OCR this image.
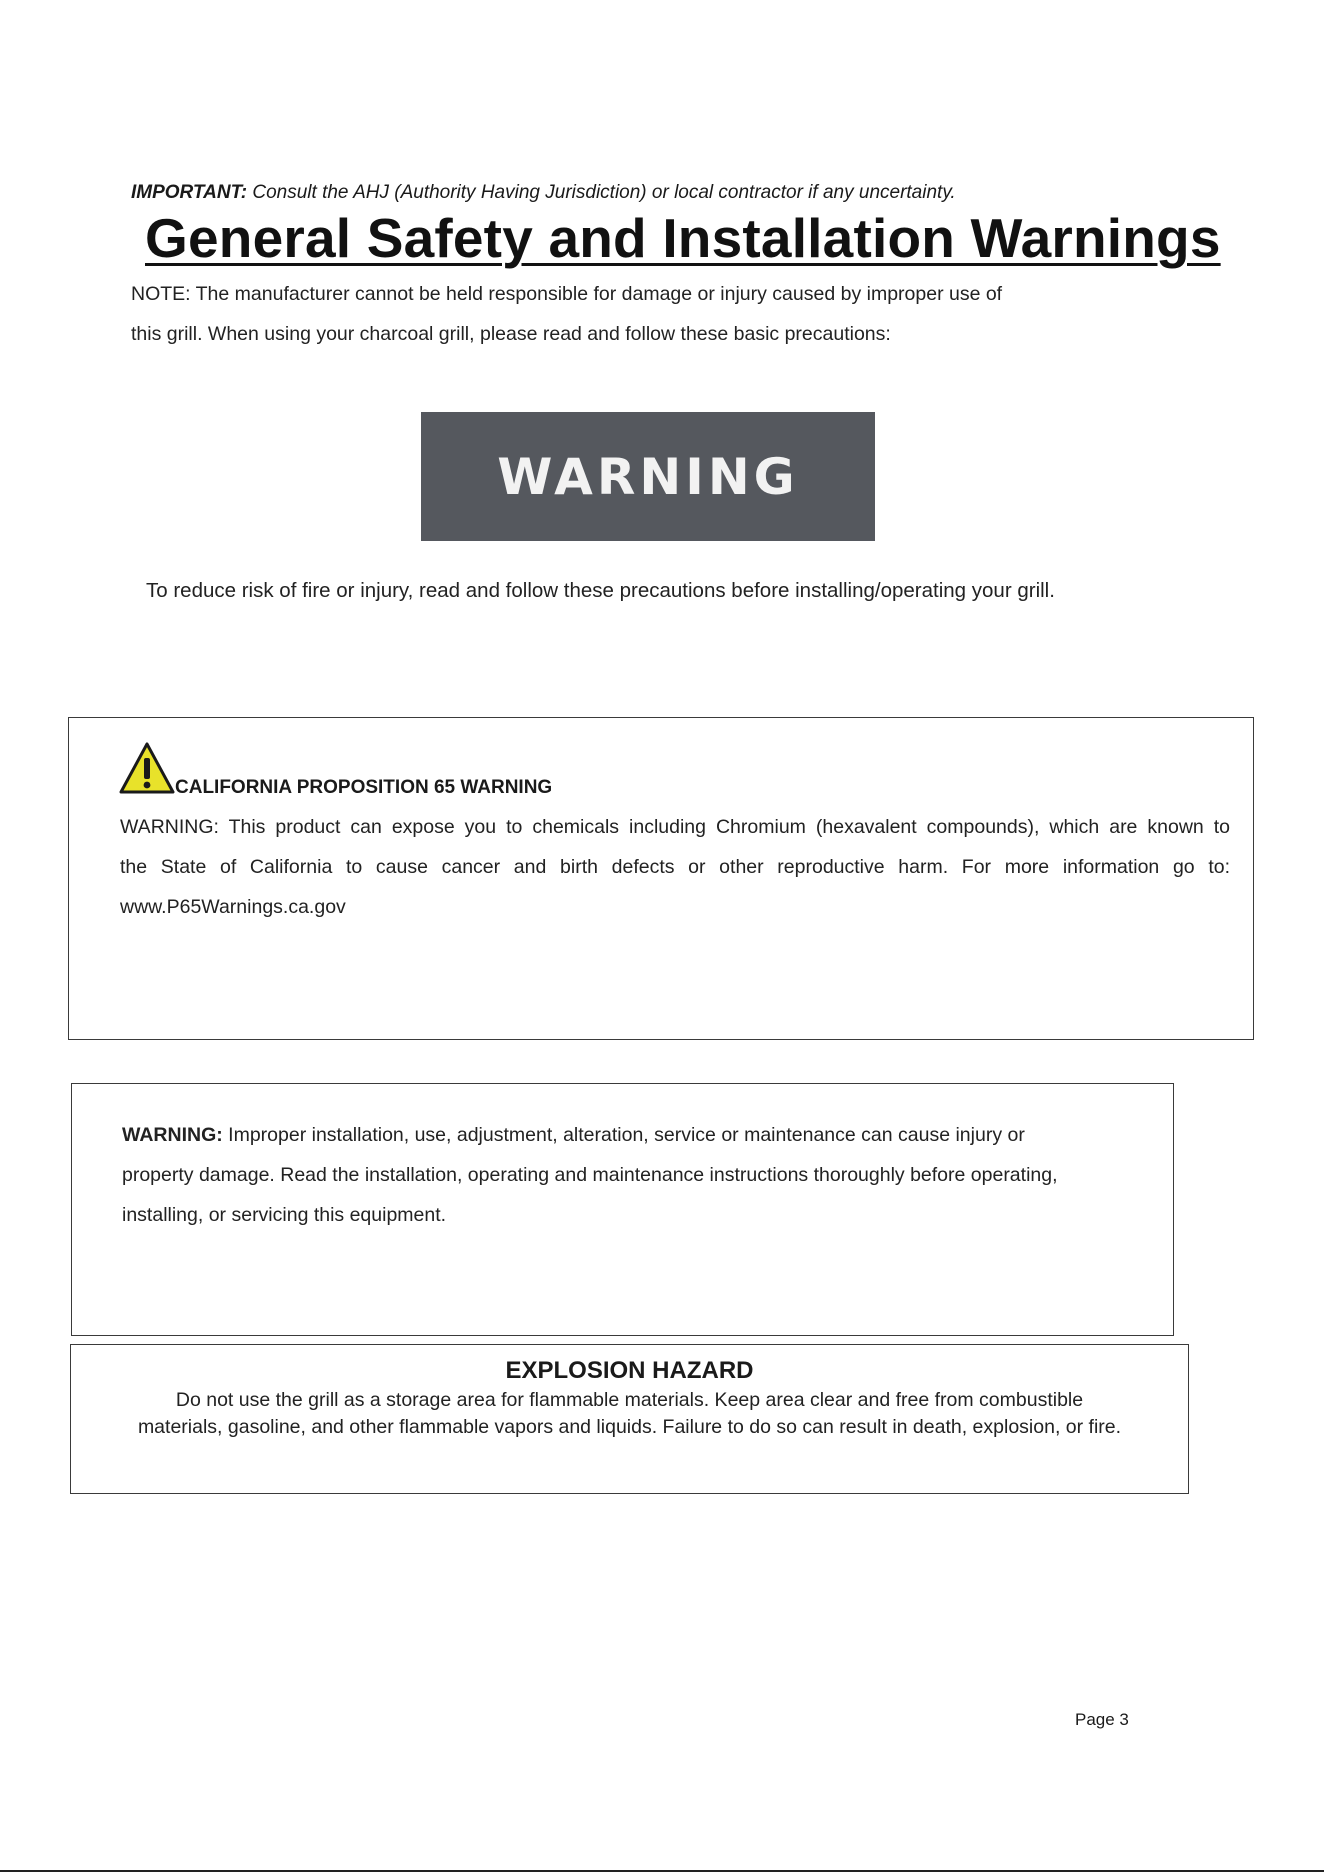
IMPORTANT: Consult the AHJ (Authority Having Jurisdiction) or local contractor if any uncertainty.
General Safety and Installation Warnings
NOTE: The manufacturer cannot be held responsible for damage or injury caused by improper use of
this grill. When using your charcoal grill, please read and follow these basic precautions:
WARNING
To reduce risk of fire or injury, read and follow these precautions before installing/operating your grill.
CALIFORNIA PROPOSITION 65 WARNING
WARNING: This product can expose you to chemicals including Chromium (hexavalent compounds), which are known to
the State of California to cause cancer and birth defects or other reproductive harm. For more information go to:
www.P65Warnings.ca.gov
WARNING: Improper installation, use, adjustment, alteration, service or maintenance can cause injury or
property damage. Read the installation, operating and maintenance instructions thoroughly before operating,
installing, or servicing this equipment.
EXPLOSION HAZARD
Do not use the grill as a storage area for flammable materials. Keep area clear and free from combustible
materials, gasoline, and other flammable vapors and liquids. Failure to do so can result in death, explosion, or fire.
Page 3
